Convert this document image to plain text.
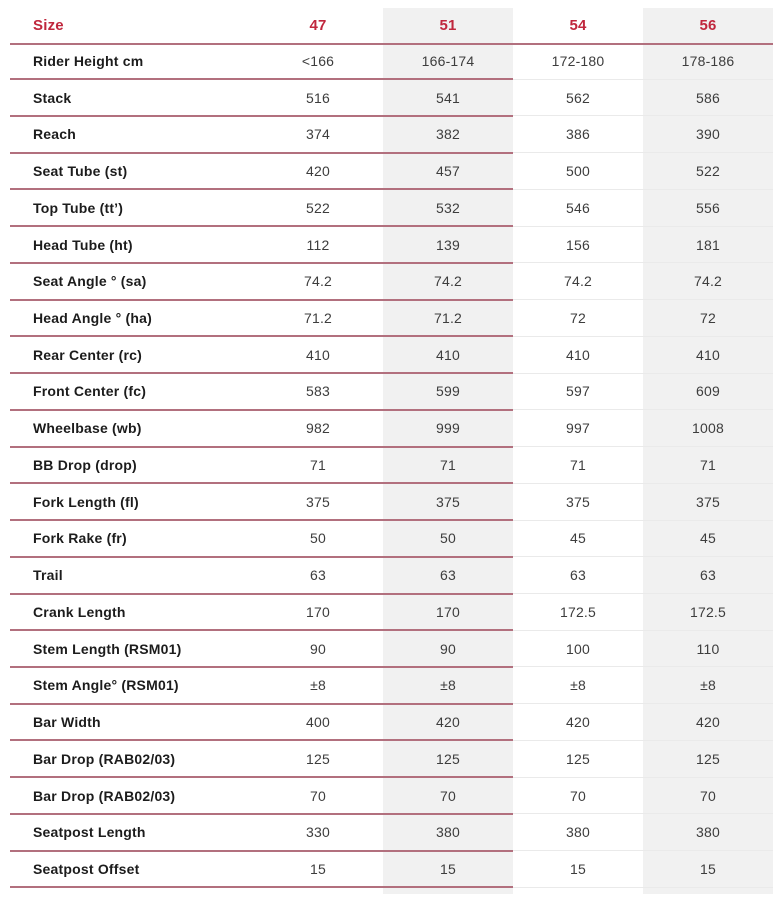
Size	47	51	54	56
Rider Height cm	<166	166-174	172-180	178-186
Stack	516	541	562	586
Reach	374	382	386	390
Seat Tube (st)	420	457	500	522
Top Tube (tt’)	522	532	546	556
Head Tube (ht)	112	139	156	181
Seat Angle ° (sa)	74.2	74.2	74.2	74.2
Head Angle ° (ha)	71.2	71.2	72	72
Rear Center (rc)	410	410	410	410
Front Center (fc)	583	599	597	609
Wheelbase (wb)	982	999	997	1008
BB Drop (drop)	71	71	71	71
Fork Length (fl)	375	375	375	375
Fork Rake (fr)	50	50	45	45
Trail	63	63	63	63
Crank Length	170	170	172.5	172.5
Stem Length (RSM01)	90	90	100	110
Stem Angle° (RSM01)	±8	±8	±8	±8
Bar Width	400	420	420	420
Bar Drop (RAB02/03)	125	125	125	125
Bar Drop (RAB02/03)	70	70	70	70
Seatpost Length	330	380	380	380
Seatpost Offset	15	15	15	15
